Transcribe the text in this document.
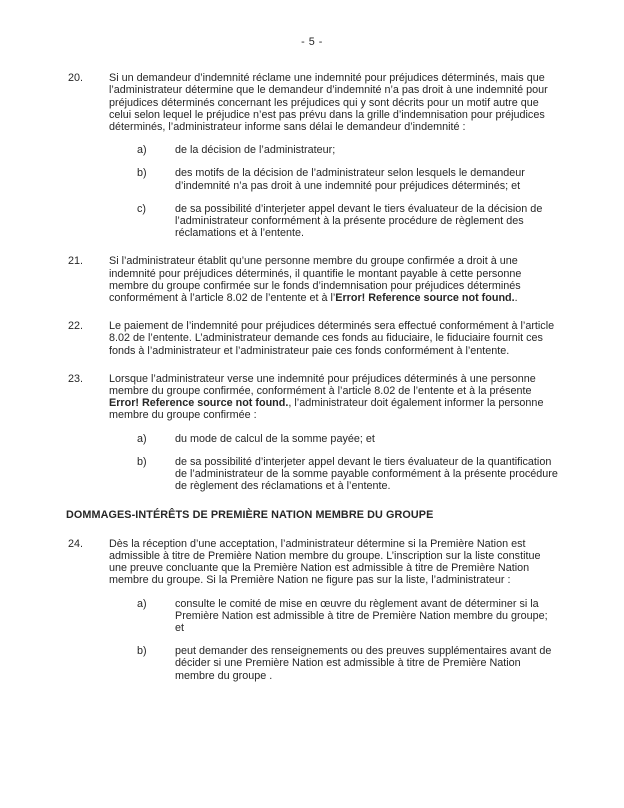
- 5 -
20.	Si un demandeur d’indemnité réclame une indemnité pour préjudices déterminés, mais que l’administrateur détermine que le demandeur d’indemnité n’a pas droit à une indemnité pour préjudices déterminés concernant les préjudices qui y sont décrits pour un motif autre que celui selon lequel le préjudice n’est pas prévu dans la grille d’indemnisation pour préjudices déterminés, l’administrateur informe sans délai le demandeur d’indemnité :
a)	de la décision de l’administrateur;
b)	des motifs de la décision de l’administrateur selon lesquels le demandeur d’indemnité n’a pas droit à une indemnité pour préjudices déterminés; et
c)	de sa possibilité d’interjeter appel devant le tiers évaluateur de la décision de l’administrateur conformément à la présente procédure de règlement des réclamations et à l’entente.
21.	Si l’administrateur établit qu’une personne membre du groupe confirmée a droit à une indemnité pour préjudices déterminés, il quantifie le montant payable à cette personne membre du groupe confirmée sur le fonds d’indemnisation pour préjudices déterminés conformément à l’article 8.02 de l’entente et à l’Error! Reference source not found..
22.	Le paiement de l’indemnité pour préjudices déterminés sera effectué conformément à l’article 8.02 de l’entente. L’administrateur demande ces fonds au fiduciaire, le fiduciaire fournit ces fonds à l’administrateur et l’administrateur paie ces fonds conformément à l’entente.
23.	Lorsque l’administrateur verse une indemnité pour préjudices déterminés à une personne membre du groupe confirmée, conformément à l’article 8.02 de l’entente et à la présente Error! Reference source not found., l’administrateur doit également informer la personne membre du groupe confirmée :
a)	du mode de calcul de la somme payée; et
b)	de sa possibilité d’interjeter appel devant le tiers évaluateur de la quantification de l’administrateur de la somme payable conformément à la présente procédure de règlement des réclamations et à l’entente.
DOMMAGES-INTÉRÊTS DE PREMIÈRE NATION MEMBRE DU GROUPE
24.	Dès la réception d’une acceptation, l’administrateur détermine si la Première Nation est admissible à titre de Première Nation membre du groupe. L’inscription sur la liste constitue une preuve concluante que la Première Nation est admissible à titre de Première Nation membre du groupe. Si la Première Nation ne figure pas sur la liste, l’administrateur :
a)	consulte le comité de mise en œuvre du règlement avant de déterminer si la Première Nation est admissible à titre de Première Nation membre du groupe; et
b)	peut demander des renseignements ou des preuves supplémentaires avant de décider si une Première Nation est admissible à titre de Première Nation membre du groupe .
